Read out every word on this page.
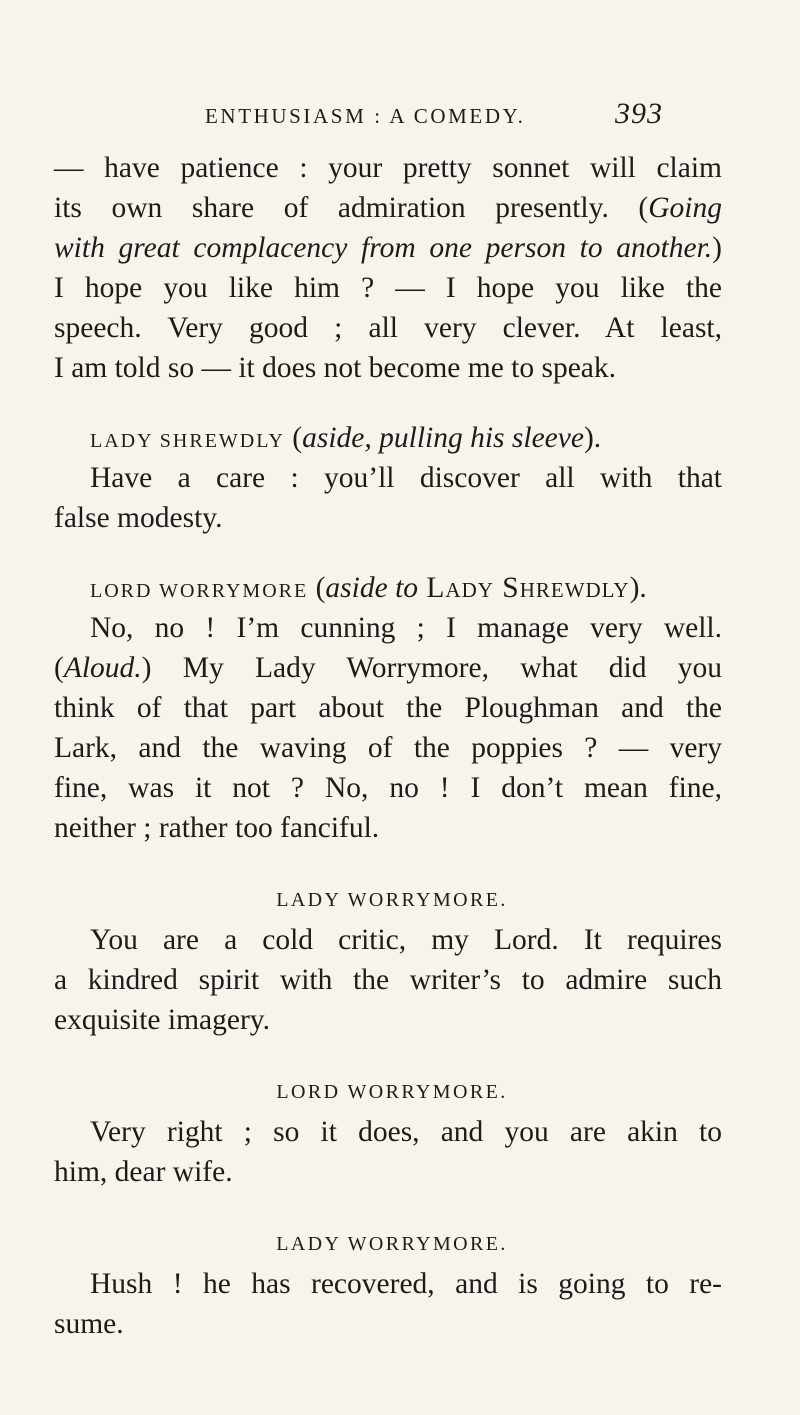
ENTHUSIASM : A COMEDY.	393
— have patience : your pretty sonnet will claim
its own share of admiration presently. (Going
with great complacency from one person to another.)
I hope you like him ? — I hope you like the
speech. Very good ; all very clever. At least,
I am told so — it does not become me to speak.
LADY SHREWDLY (aside, pulling his sleeve).
Have a care : you’ll discover all with that
false modesty.
LORD WORRYMORE (aside to Lady Shrewdly).
No, no ! I’m cunning ; I manage very well.
(Aloud.) My Lady Worrymore, what did you
think of that part about the Ploughman and the
Lark, and the waving of the poppies ? — very
fine, was it not ? No, no ! I don’t mean fine,
neither ; rather too fanciful.
LADY WORRYMORE.
You are a cold critic, my Lord. It requires
a kindred spirit with the writer’s to admire such
exquisite imagery.
LORD WORRYMORE.
Very right ; so it does, and you are akin to
him, dear wife.
LADY WORRYMORE.
Hush ! he has recovered, and is going to re-
sume.
